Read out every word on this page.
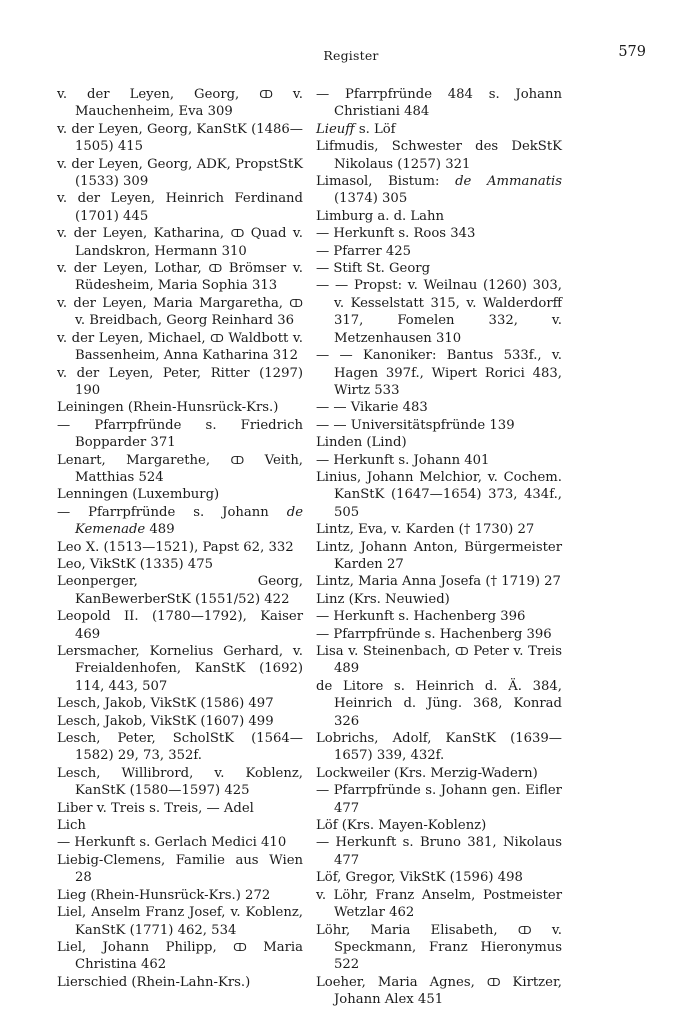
Register	579
v. der Leyen, Georg, ↀ v. Mauchenheim, Eva 309
v. der Leyen, Georg, KanStK (1486—1505) 415
v. der Leyen, Georg, ADK, PropstStK (1533) 309
v. der Leyen, Heinrich Ferdinand (1701) 445
v. der Leyen, Katharina, ↀ Quad v. Landskron, Hermann 310
v. der Leyen, Lothar, ↀ Brömser v. Rüdesheim, Maria Sophia 313
v. der Leyen, Maria Margaretha, ↀ v. Breidbach, Georg Reinhard 36
v. der Leyen, Michael, ↀ Waldbott v. Bassenheim, Anna Katharina 312
v. der Leyen, Peter, Ritter (1297) 190
Leiningen (Rhein-Hunsrück-Krs.)
— Pfarrpfründe s. Friedrich Bopparder 371
Lenart, Margarethe, ↀ Veith, Matthias 524
Lenningen (Luxemburg)
— Pfarrpfründe s. Johann de Kemenade 489
Leo X. (1513—1521), Papst 62, 332
Leo, VikStK (1335) 475
Leonperger, Georg, KanBewerberStK (1551/52) 422
Leopold II. (1780—1792), Kaiser 469
Lersmacher, Kornelius Gerhard, v. Freialdenhofen, KanStK (1692) 114, 443, 507
Lesch, Jakob, VikStK (1586) 497
Lesch, Jakob, VikStK (1607) 499
Lesch, Peter, ScholStK (1564—1582) 29, 73, 352f.
Lesch, Willibrord, v. Koblenz, KanStK (1580—1597) 425
Liber v. Treis s. Treis, — Adel
Lich
— Herkunft s. Gerlach Medici 410
Liebig-Clemens, Familie aus Wien 28
Lieg (Rhein-Hunsrück-Krs.) 272
Liel, Anselm Franz Josef, v. Koblenz, KanStK (1771) 462, 534
Liel, Johann Philipp, ↀ Maria Christina 462
Lierschied (Rhein-Lahn-Krs.)
— Pfarrpfründe 484 s. Johann Christiani 484
Lieuff s. Löf
Lifmudis, Schwester des DekStK Nikolaus (1257) 321
Limasol, Bistum: de Ammanatis (1374) 305
Limburg a. d. Lahn
— Herkunft s. Roos 343
— Pfarrer 425
— Stift St. Georg
— — Propst: v. Weilnau (1260) 303, v. Kesselstatt 315, v. Walderdorff 317, Fomelen 332, v. Metzenhausen 310
— — Kanoniker: Bantus 533f., v. Hagen 397f., Wipert Rorici 483, Wirtz 533
— — Vikarie 483
— — Universitätspfründe 139
Linden (Lind)
— Herkunft s. Johann 401
Linius, Johann Melchior, v. Cochem. KanStK (1647—1654) 373, 434f., 505
Lintz, Eva, v. Karden († 1730) 27
Lintz, Johann Anton, Bürgermeister Karden 27
Lintz, Maria Anna Josefa († 1719) 27
Linz (Krs. Neuwied)
— Herkunft s. Hachenberg 396
— Pfarrpfründe s. Hachenberg 396
Lisa v. Steinenbach, ↀ Peter v. Treis 489
de Litore s. Heinrich d. Ä. 384, Heinrich d. Jüng. 368, Konrad 326
Lobrichs, Adolf, KanStK (1639—1657) 339, 432f.
Lockweiler (Krs. Merzig-Wadern)
— Pfarrpfründe s. Johann gen. Eifler 477
Löf (Krs. Mayen-Koblenz)
— Herkunft s. Bruno 381, Nikolaus 477
Löf, Gregor, VikStK (1596) 498
v. Löhr, Franz Anselm, Postmeister Wetzlar 462
Löhr, Maria Elisabeth, ↀ v. Speckmann, Franz Hieronymus 522
Loeher, Maria Agnes, ↀ Kirtzer, Johann Alex 451
